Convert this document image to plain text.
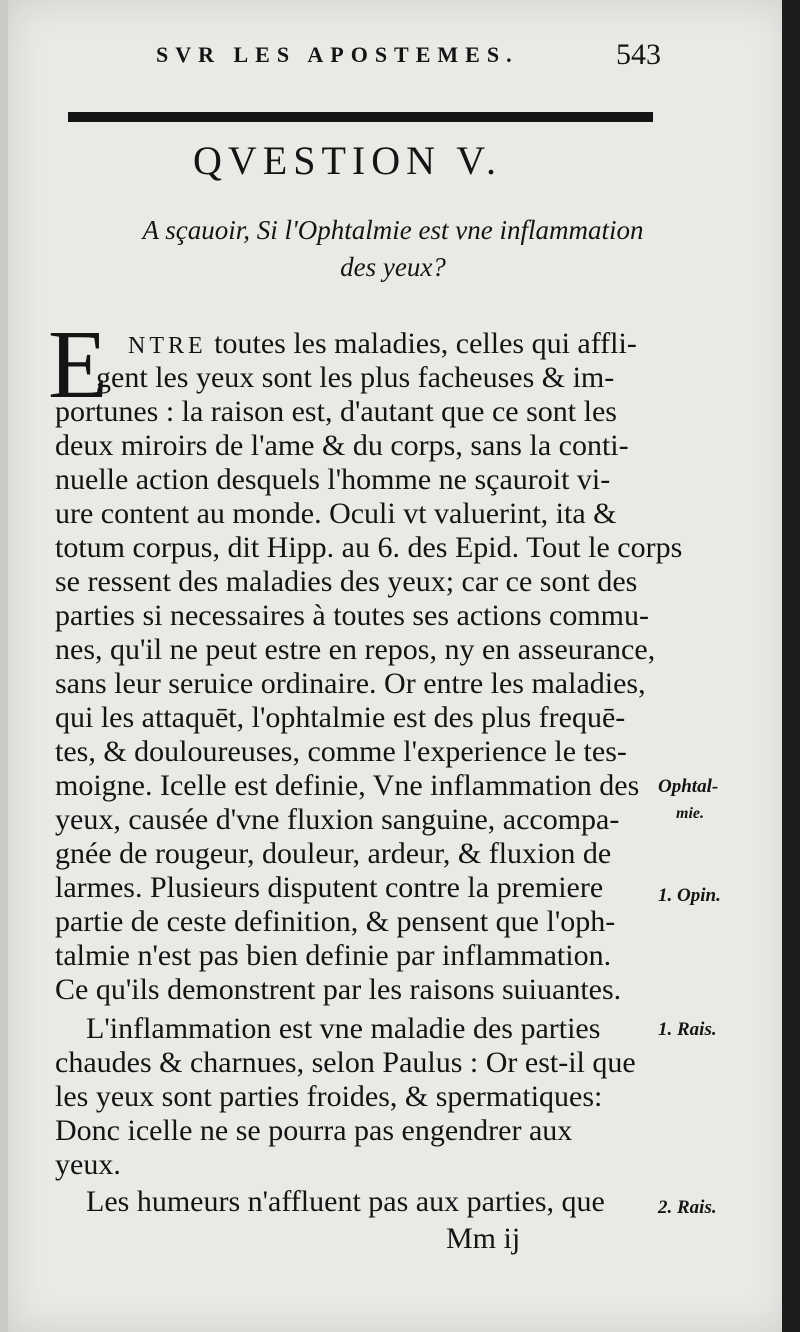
SVR LES APOSTEMES.	543
QVESTION V.
A sçauoir, Si l'Ophtalmie est vne inflammation
des yeux?
E NTRE toutes les maladies, celles qui affli-
gent les yeux sont les plus facheuses & im-
portunes : la raison est, d'autant que ce sont les
deux miroirs de l'ame & du corps, sans la conti-
nuelle action desquels l'homme ne sçauroit vi-
ure content au monde. Oculi vt valuerint, ita &
totum corpus, dit Hipp. au 6. des Epid. Tout le corps
se ressent des maladies des yeux; car ce sont des
parties si necessaires à toutes ses actions commu-
nes, qu'il ne peut estre en repos, ny en asseurance,
sans leur seruice ordinaire. Or entre les maladies,
qui les attaquēt, l'ophtalmie est des plus frequē-
tes, & douloureuses, comme l'experience le tes-
moigne. Icelle est definie, Vne inflammation des
yeux, causée d'vne fluxion sanguine, accompa-
gnée de rougeur, douleur, ardeur, & fluxion de
larmes. Plusieurs disputent contre la premiere
partie de ceste definition, & pensent que l'oph-
talmie n'est pas bien definie par inflammation.
Ce qu'ils demonstrent par les raisons suiuantes.
L'inflammation est vne maladie des parties
chaudes & charnues, selon Paulus : Or est-il que
les yeux sont parties froides, & spermatiques:
Donc icelle ne se pourra pas engendrer aux
yeux.
Les humeurs n'affluent pas aux parties, que
Ophtal-
mie.
1. Opin.
1. Rais.
2. Rais.
Mm ij
